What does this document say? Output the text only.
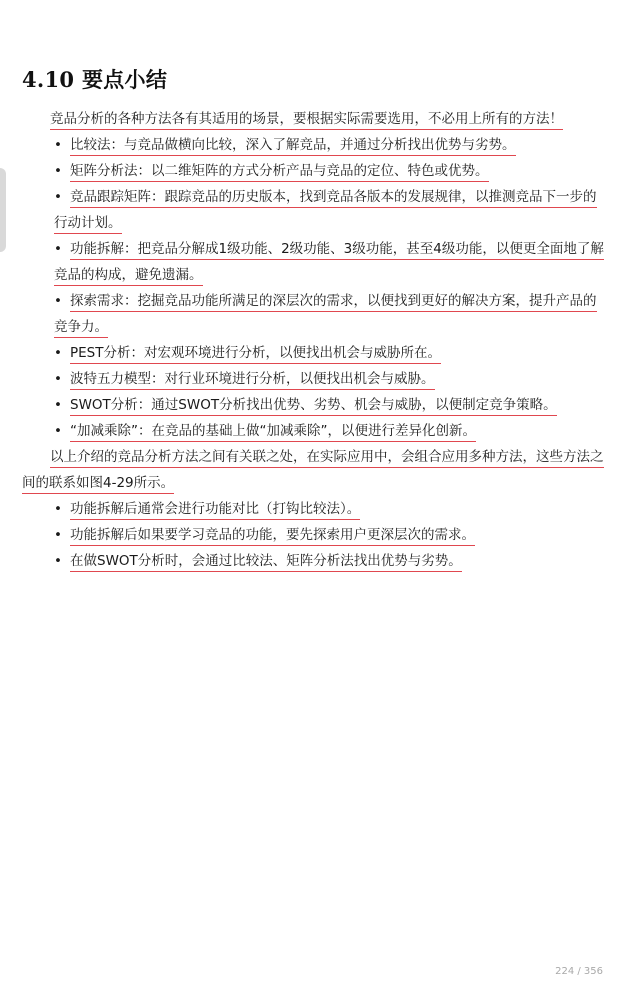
4.10 要点小结

竞品分析的各种方法各有其适用的场景，要根据实际需要选用，不必用上所有的方法！

• 比较法：与竞品做横向比较，深入了解竞品，并通过分析找出优势与劣势。

• 矩阵分析法：以二维矩阵的方式分析产品与竞品的定位、特色或优势。

• 竞品跟踪矩阵：跟踪竞品的历史版本，找到竞品各版本的发展规律，以推测竞品下一步的行动计划。

• 功能拆解：把竞品分解成1级功能、2级功能、3级功能，甚至4级功能，以便更全面地了解竞品的构成，避免遗漏。

• 探索需求：挖掘竞品功能所满足的深层次的需求，以便找到更好的解决方案，提升产品的竞争力。

• PEST分析：对宏观环境进行分析，以便找出机会与威胁所在。

• 波特五力模型：对行业环境进行分析，以便找出机会与威胁。

• SWOT分析：通过SWOT分析找出优势、劣势、机会与威胁，以便制定竞争策略。

• “加减乘除”：在竞品的基础上做“加减乘除”，以便进行差异化创新。

以上介绍的竞品分析方法之间有关联之处，在实际应用中，会组合应用多种方法，这些方法之间的联系如图4-29所示。

• 功能拆解后通常会进行功能对比（打钩比较法）。

• 功能拆解后如果要学习竞品的功能，要先探索用户更深层次的需求。

• 在做SWOT分析时，会通过比较法、矩阵分析法找出优势与劣势。

224 / 356
